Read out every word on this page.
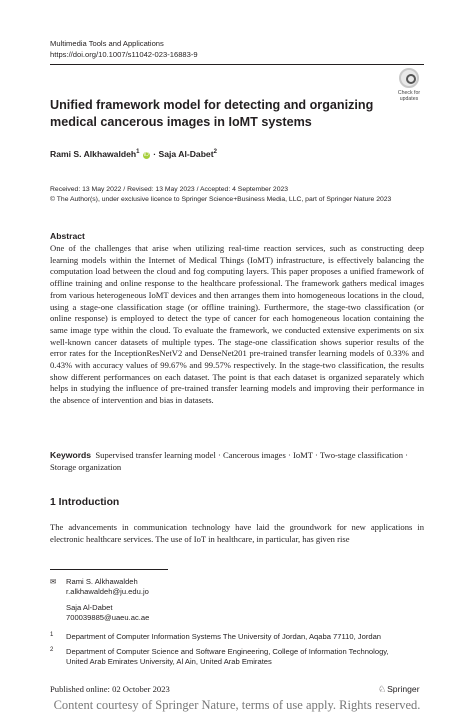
Multimedia Tools and Applications
https://doi.org/10.1007/s11042-023-16883-9
Check for
updates
Unified framework model for detecting and organizing medical cancerous images in IoMT systems
Rami S. Alkhawaldeh$^1$ iD · Saja Al-Dabet$^2$
Received: 13 May 2022 / Revised: 13 May 2023 / Accepted: 4 September 2023
© The Author(s), under exclusive licence to Springer Science+Business Media, LLC, part of Springer Nature 2023
Abstract
One of the challenges that arise when utilizing real-time reaction services, such as constructing deep learning models within the Internet of Medical Things (IoMT) infrastructure, is effectively balancing the computation load between the cloud and fog computing layers. This paper proposes a unified framework of offline training and online response to the healthcare professional. The framework gathers medical images from various heterogeneous IoMT devices and then arranges them into homogeneous locations in the cloud, using a stage-one classification stage (or offline training). Furthermore, the stage-two classification (or online response) is employed to detect the type of cancer for each homogeneous location containing the same image type within the cloud. To evaluate the framework, we conducted extensive experiments on six well-known cancer datasets of multiple types. The stage-one classification shows superior results of the error rates for the InceptionResNetV2 and DenseNet201 pre-trained transfer learning models of 0.33% and 0.43% with accuracy values of 99.67% and 99.57% respectively. In the stage-two classification, the results show different performances on each dataset. The point is that each dataset is organized separately which helps in studying the influence of pre-trained transfer learning models and improving their performance in the absence of intervention and bias in datasets.
Keywords Supervised transfer learning model · Cancerous images · IoMT · Two-stage classification · Storage organization
1 Introduction
The advancements in communication technology have laid the groundwork for new applications in electronic healthcare services. The use of IoT in healthcare, in particular, has given rise
✉ Rami S. Alkhawaldeh
r.alkhawaldeh@ju.edu.jo
Saja Al-Dabet
700039885@uaeu.ac.ae
1 Department of Computer Information Systems The University of Jordan, Aqaba 77110, Jordan
2 Department of Computer Science and Software Engineering, College of Information Technology,
United Arab Emirates University, Al Ain, United Arab Emirates
Published online: 02 October 2023	♘Springer
Content courtesy of Springer Nature, terms of use apply. Rights reserved.
